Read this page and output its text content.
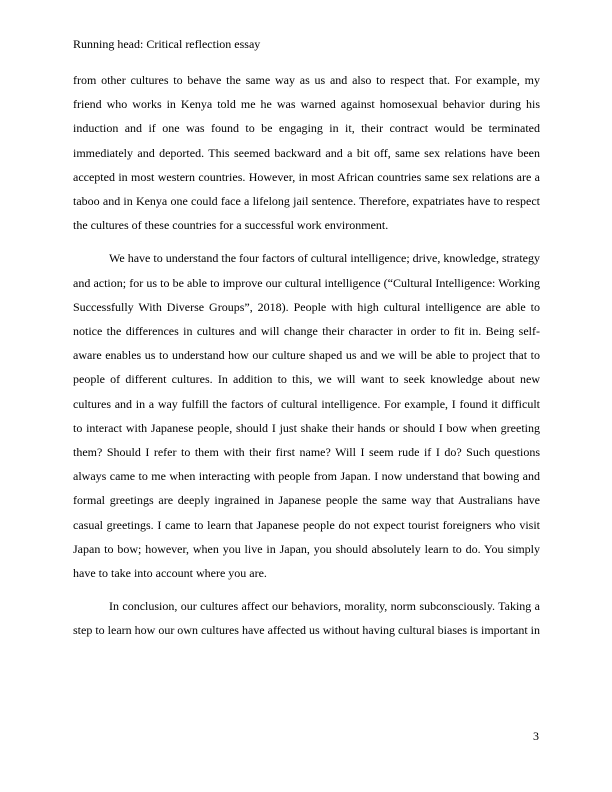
Running head: Critical reflection essay

from other cultures to behave the same way as us and also to respect that. For example, my friend who works in Kenya told me he was warned against homosexual behavior during his induction and if one was found to be engaging in it, their contract would be terminated immediately and deported. This seemed backward and a bit off, same sex relations have been accepted in most western countries. However, in most African countries same sex relations are a taboo and in Kenya one could face a lifelong jail sentence. Therefore, expatriates have to respect the cultures of these countries for a successful work environment.

We have to understand the four factors of cultural intelligence; drive, knowledge, strategy and action; for us to be able to improve our cultural intelligence (“Cultural Intelligence: Working Successfully With Diverse Groups”, 2018). People with high cultural intelligence are able to notice the differences in cultures and will change their character in order to fit in. Being self-aware enables us to understand how our culture shaped us and we will be able to project that to people of different cultures. In addition to this, we will want to seek knowledge about new cultures and in a way fulfill the factors of cultural intelligence. For example, I found it difficult to interact with Japanese people, should I just shake their hands or should I bow when greeting them? Should I refer to them with their first name? Will I seem rude if I do? Such questions always came to me when interacting with people from Japan. I now understand that bowing and formal greetings are deeply ingrained in Japanese people the same way that Australians have casual greetings. I came to learn that Japanese people do not expect tourist foreigners who visit Japan to bow; however, when you live in Japan, you should absolutely learn to do. You simply have to take into account where you are.

In conclusion, our cultures affect our behaviors, morality, norm subconsciously. Taking a step to learn how our own cultures have affected us without having cultural biases is important in

3
